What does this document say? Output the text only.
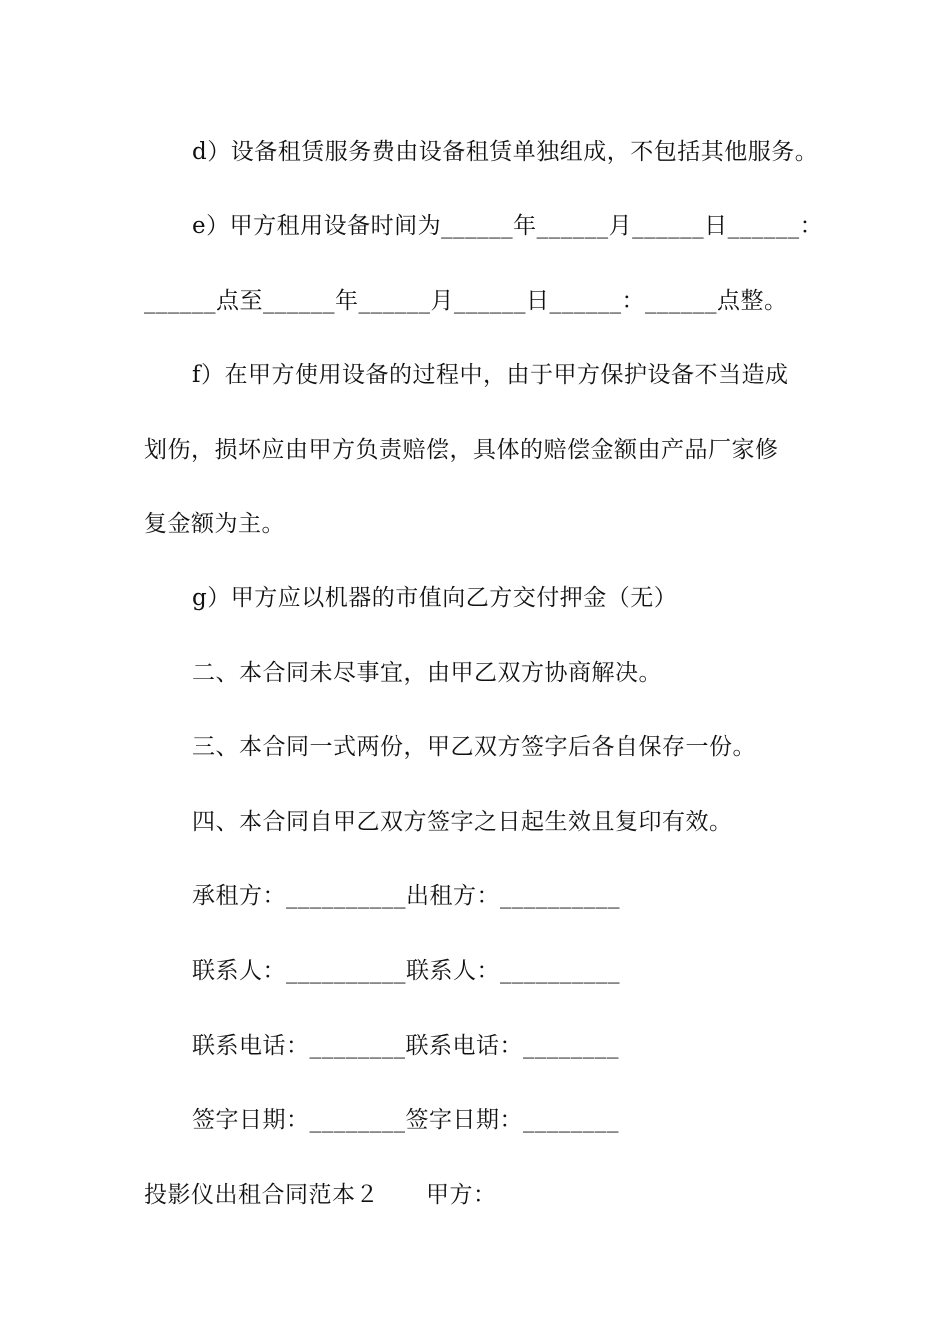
d）设备租赁服务费由设备租赁单独组成，不包括其他服务。
e）甲方租用设备时间为______年______月______日______：
______点至______年______月______日______：______点整。
f）在甲方使用设备的过程中，由于甲方保护设备不当造成
划伤，损坏应由甲方负责赔偿，具体的赔偿金额由产品厂家修
复金额为主。
g）甲方应以机器的市值向乙方交付押金（无）
二、本合同未尽事宜，由甲乙双方协商解决。
三、本合同一式两份，甲乙双方签字后各自保存一份。
四、本合同自甲乙双方签字之日起生效且复印有效。
承租方：__________出租方：__________
联系人：__________联系人：__________
联系电话：________联系电话：________
签字日期：________签字日期：________
投影仪出租合同范本２　　甲方：
